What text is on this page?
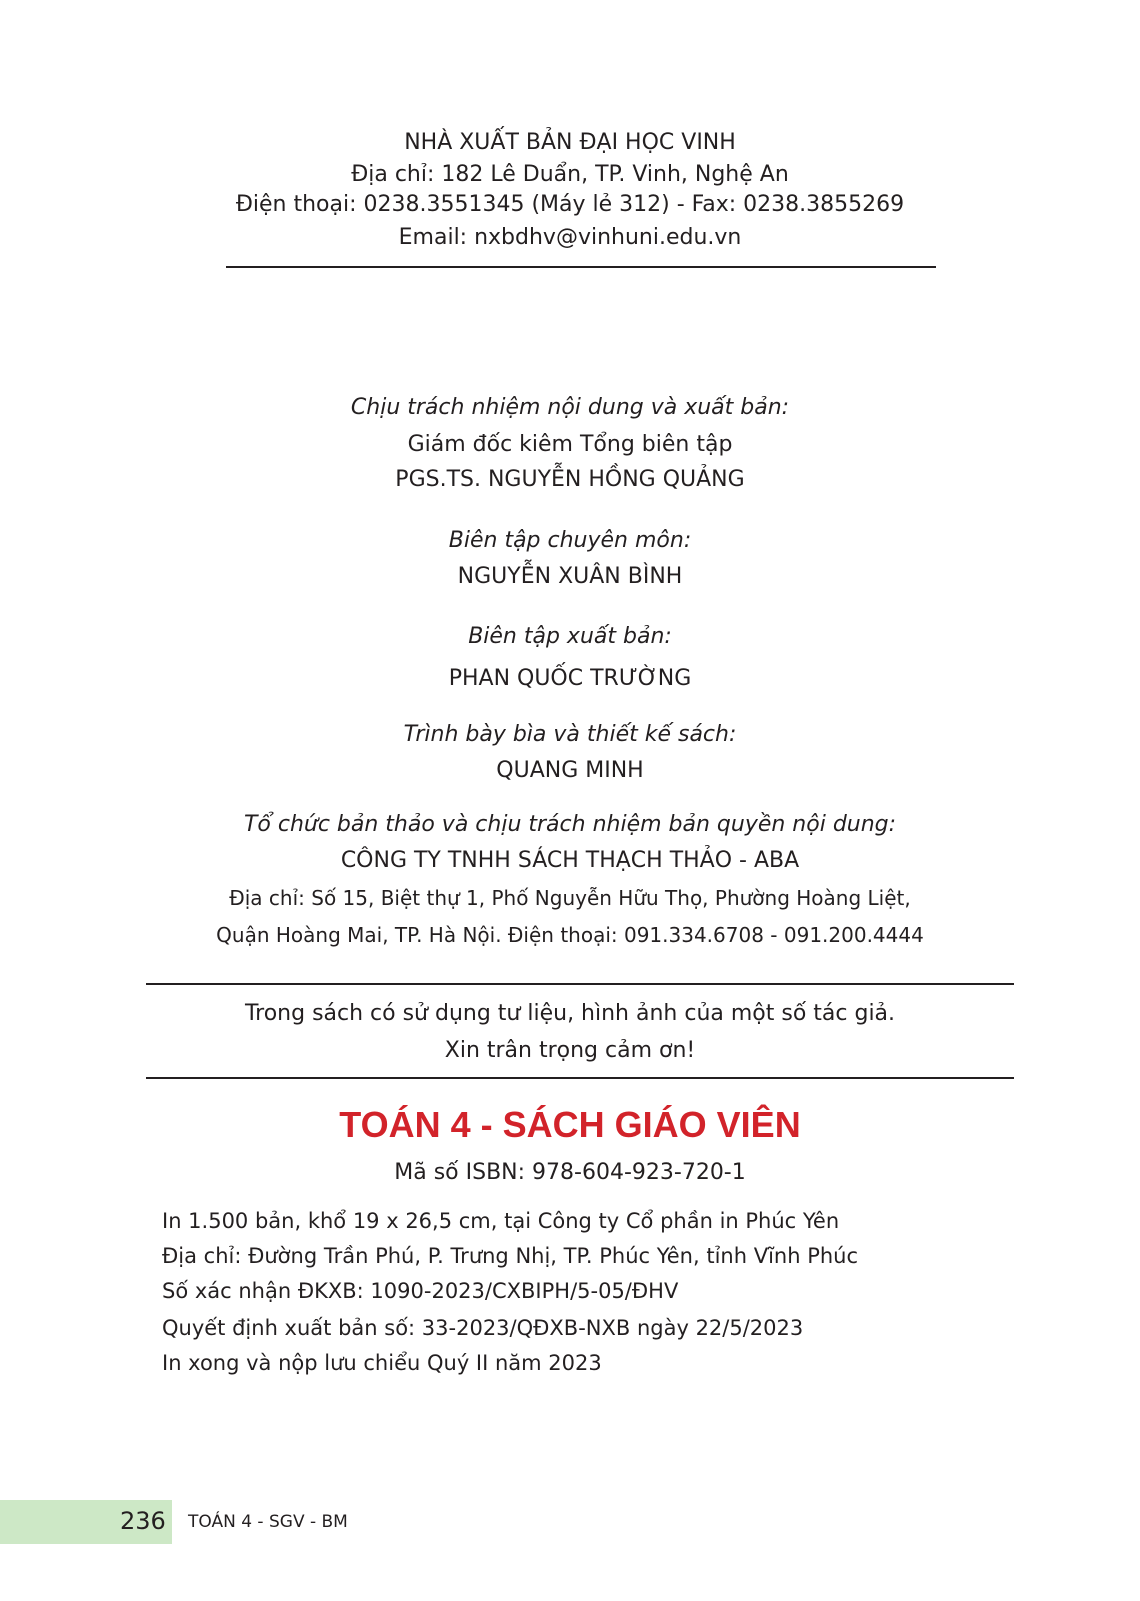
NHÀ XUẤT BẢN ĐẠI HỌC VINH
Địa chỉ: 182 Lê Duẩn, TP. Vinh, Nghệ An
Điện thoại: 0238.3551345 (Máy lẻ 312) - Fax: 0238.3855269
Email: nxbdhv@vinhuni.edu.vn
Chịu trách nhiệm nội dung và xuất bản:
Giám đốc kiêm Tổng biên tập
PGS.TS. NGUYỄN HỒNG QUẢNG
Biên tập chuyên môn:
NGUYỄN XUÂN BÌNH
Biên tập xuất bản:
PHAN QUỐC TRƯỜNG
Trình bày bìa và thiết kế sách:
QUANG MINH
Tổ chức bản thảo và chịu trách nhiệm bản quyền nội dung:
CÔNG TY TNHH SÁCH THẠCH THẢO - ABA
Địa chỉ: Số 15, Biệt thự 1, Phố Nguyễn Hữu Thọ, Phường Hoàng Liệt,
Quận Hoàng Mai, TP. Hà Nội. Điện thoại: 091.334.6708 - 091.200.4444
Trong sách có sử dụng tư liệu, hình ảnh của một số tác giả.
Xin trân trọng cảm ơn!
TOÁN 4 - SÁCH GIÁO VIÊN
Mã số ISBN: 978-604-923-720-1
In 1.500 bản, khổ 19 x 26,5 cm, tại Công ty Cổ phần in Phúc Yên
Địa chỉ: Đường Trần Phú, P. Trưng Nhị, TP. Phúc Yên, tỉnh Vĩnh Phúc
Số xác nhận ĐKXB: 1090-2023/CXBIPH/5-05/ĐHV
Quyết định xuất bản số: 33-2023/QĐXB-NXB ngày 22/5/2023
In xong và nộp lưu chiểu Quý II năm 2023
236 TOÁN 4 - SGV - BM
